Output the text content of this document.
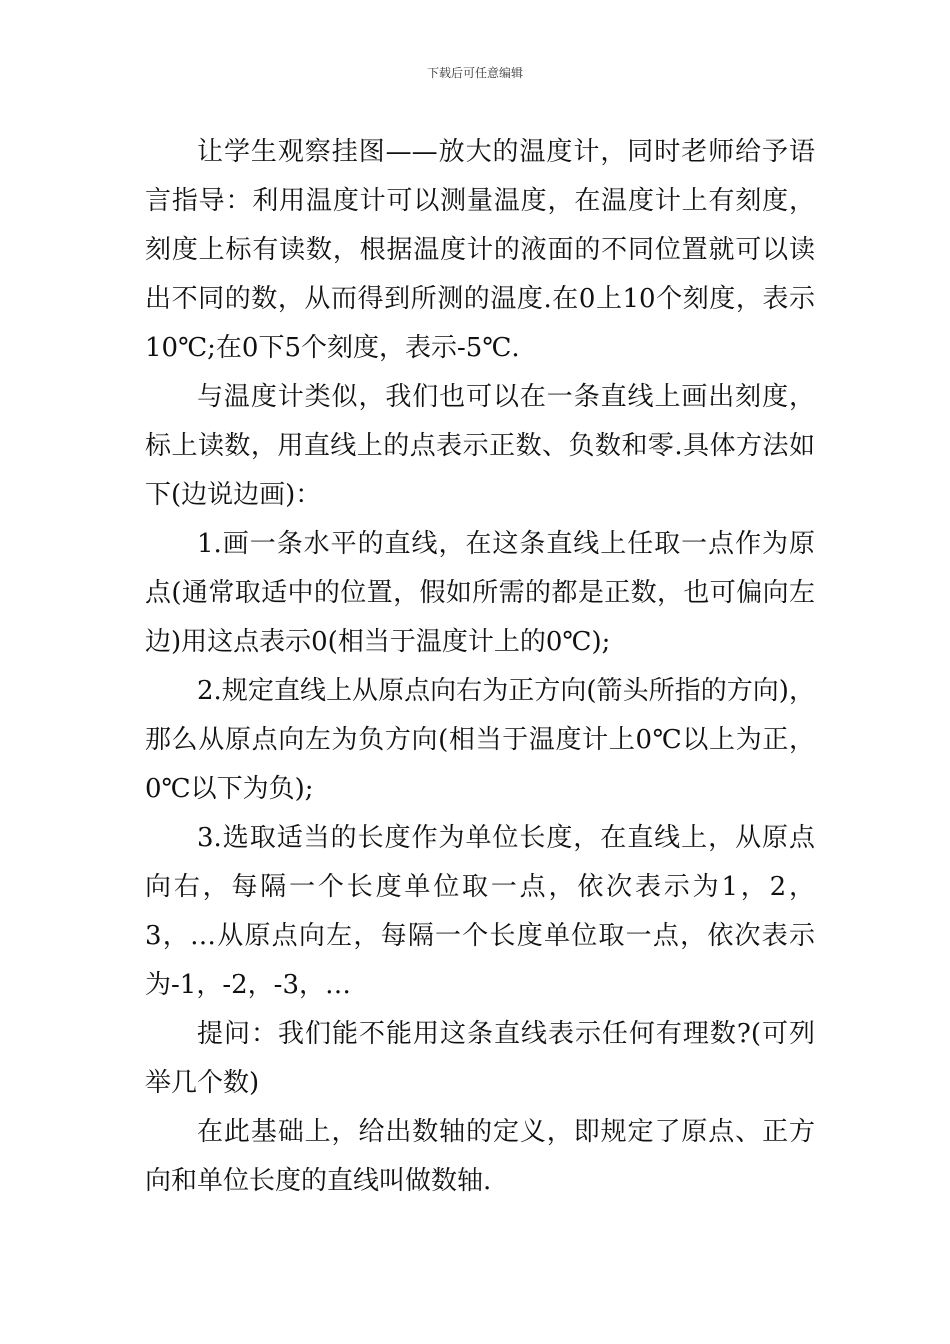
下载后可任意编辑

让学生观察挂图——放大的温度计，同时老师给予语言指导：利用温度计可以测量温度，在温度计上有刻度，刻度上标有读数，根据温度计的液面的不同位置就可以读出不同的数，从而得到所测的温度.在0上10个刻度，表示10℃;在0下5个刻度，表示-5℃.

与温度计类似，我们也可以在一条直线上画出刻度，标上读数，用直线上的点表示正数、负数和零.具体方法如下(边说边画)：

1.画一条水平的直线，在这条直线上任取一点作为原点(通常取适中的位置，假如所需的都是正数，也可偏向左边)用这点表示0(相当于温度计上的0℃);

2.规定直线上从原点向右为正方向(箭头所指的方向)，那么从原点向左为负方向(相当于温度计上0℃以上为正，0℃以下为负);

3.选取适当的长度作为单位长度，在直线上，从原点向右，每隔一个长度单位取一点，依次表示为1，2，3，…从原点向左，每隔一个长度单位取一点，依次表示为-1，-2，-3，…

提问：我们能不能用这条直线表示任何有理数?(可列举几个数)

在此基础上，给出数轴的定义，即规定了原点、正方向和单位长度的直线叫做数轴.
